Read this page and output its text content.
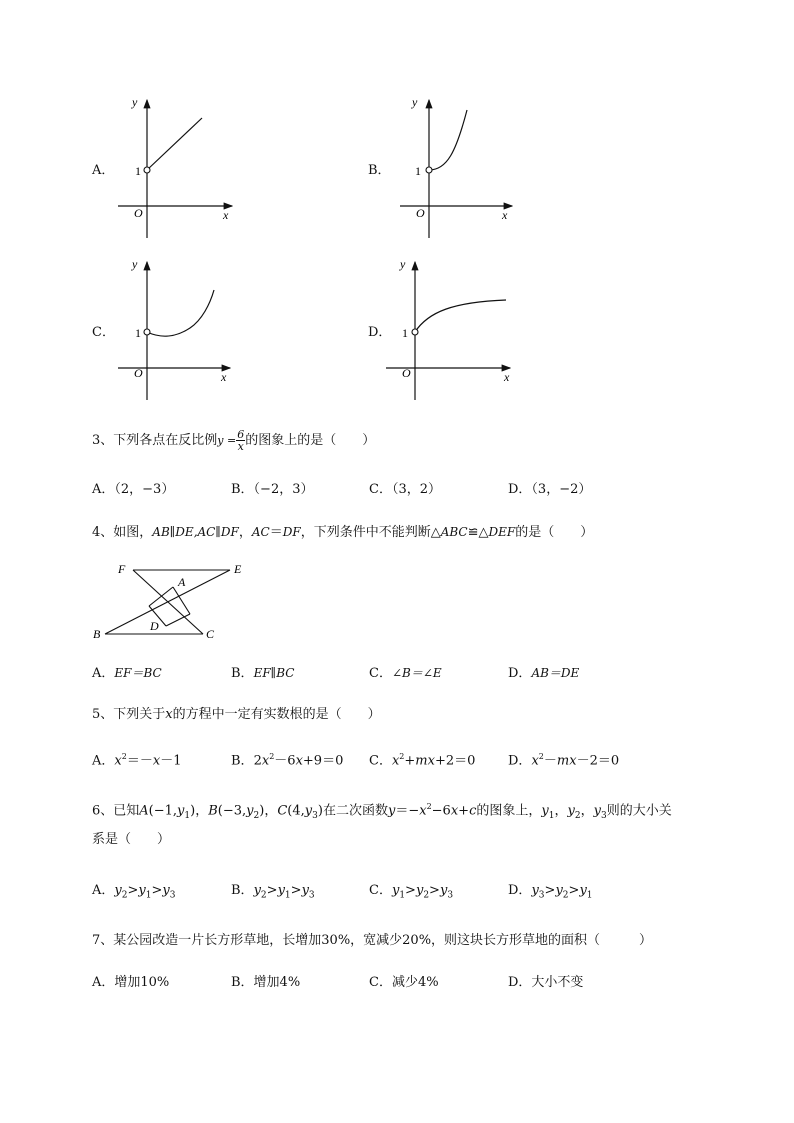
A．
y
x
O
1	B．
y
x
O
1
C．
y
x
O
1	D．
y
x
O
1
3、下列各点在反比例$y = \frac{6}{x}$ 的图象上的是（　　）
A．（2，−3）	B．（−2，3）	C．（3，2）	D．（3，−2）
4、如图，AB∥DE,AC∥DF，AC＝DF，下列条件中不能判断△ABC≌△DEF的是（　　）
F	E
A
D
B	C
A．EF＝BC	B．EF∥BC	C．∠B＝∠E	D．AB＝DE
5、下列关于x的方程中一定有实数根的是（　　）
A．$x^2=-x-1$	B．$2x^2-6x+9=0$ C．$x^2+mx+2=0$	D．$x^2-mx-2=0$
6、已知$A(-1,y_1)$，$B(-3,y_2)$，$C(4,y_3)$在二次函数$y=-x^2-6x+c$的图象上，$y_1$，$y_2$，$y_3$则的大小关
系是（　　）
A．$y_2>y_1>y_3$	B．$y_2>y_1>y_3$	C．$y_1>y_2>y_3$	D．$y_3>y_2>y_1$
7、某公园改造一片长方形草地，长增加30%，宽减少20%，则这块长方形草地的面积（　　　）
A．增加10%	B．增加4%	C．减少4%	D．大小不变
